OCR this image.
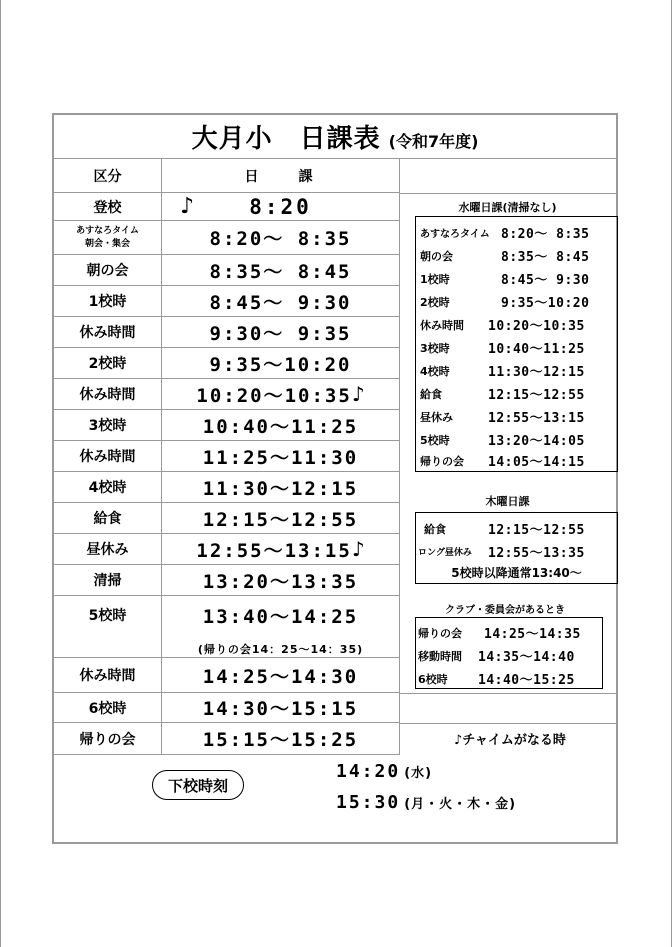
大月小　日課表 (令和7年度)
区分	日　　課
登校	♪ 8:20
あすなろタイム
朝会・集会	8:20～ 8:35
朝の会	8:35～ 8:45
1校時	8:45～ 9:30
休み時間	9:30～ 9:35
2校時	9:35～10:20
休み時間	10:20～10:35 ♪
3校時	10:40～11:25
休み時間	11:25～11:30
4校時	11:30～12:15
給食	12:15～12:55
昼休み	12:55～13:15 ♪
清掃	13:20～13:35
5校時	13:40～14:25
(帰りの会14：25～14：35)
休み時間	14:25～14:30
6校時	14:30～15:15
帰りの会	15:15～15:25
水曜日課(清掃なし)
あすなろタイム 8:20～ 8:35
朝の会	8:35～ 8:45
1校時	8:45～ 9:30
2校時	9:35～10:20
休み時間 10:20～10:35
3校時	10:40～11:25
4校時	11:30～12:15
給食	12:15～12:55
昼休み	12:55～13:15
5校時	13:20～14:05
帰りの会 14:05～14:15
木曜日課
給食	12:15～12:55
ロング昼休み 12:55～13:35
5校時以降通常13:40～
クラブ・委員会があるとき
帰りの会 14:25～14:35
移動時間 14:35～14:40
6校時 14:40～15:25
♪チャイムがなる時
下校時刻
14:20 (水)
15:30 (月・火・木・金)
